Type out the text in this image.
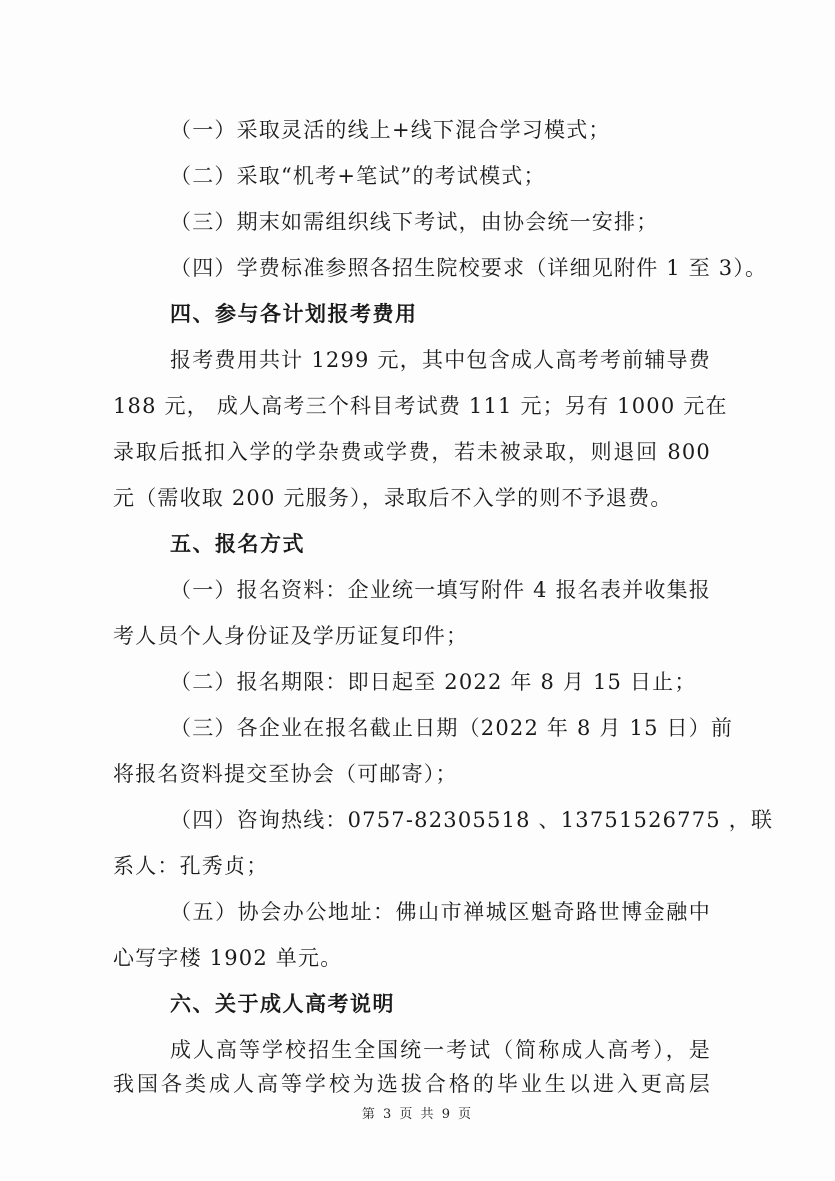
（一）采取灵活的线上+线下混合学习模式；
（二）采取“机考+笔试”的考试模式；
（三）期末如需组织线下考试，由协会统一安排；
（四）学费标准参照各招生院校要求（详细见附件 1 至 3）。
四、参与各计划报考费用
报考费用共计 1299 元，其中包含成人高考考前辅导费
188 元， 成人高考三个科目考试费 111 元；另有 1000 元在
录取后抵扣入学的学杂费或学费，若未被录取，则退回 800
元（需收取 200 元服务），录取后不入学的则不予退费。
五、报名方式
（一）报名资料：企业统一填写附件 4 报名表并收集报
考人员个人身份证及学历证复印件；
（二）报名期限：即日起至 2022 年 8 月 15 日止；
（三）各企业在报名截止日期（2022 年 8 月 15 日）前
将报名资料提交至协会（可邮寄）；
（四）咨询热线：0757-82305518 、13751526775 ，联
系人：孔秀贞；
（五）协会办公地址：佛山市禅城区魁奇路世博金融中
心写字楼 1902 单元。
六、关于成人高考说明
成人高等学校招生全国统一考试（简称成人高考），是
我国各类成人高等学校为选拔合格的毕业生以进入更高层
第 3 页 共 9 页
